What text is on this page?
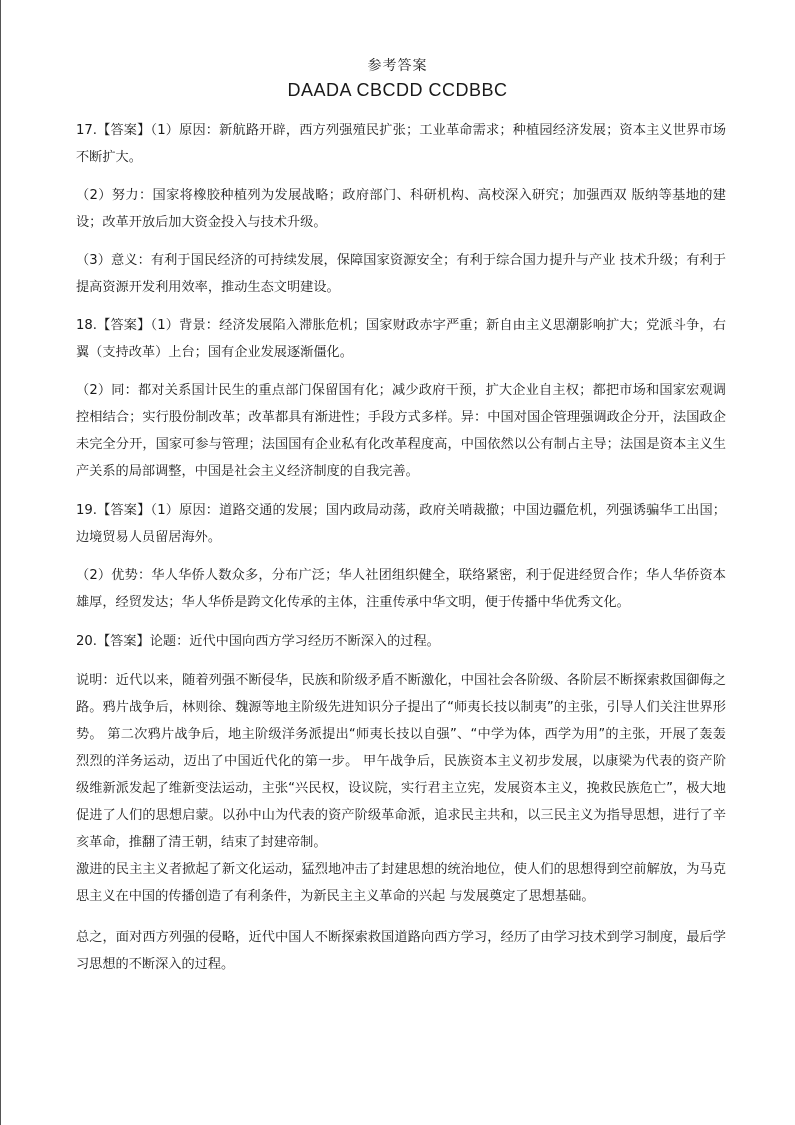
参考答案
DAADA CBCDD CCDBBC
17.【答案】（1）原因：新航路开辟，西方列强殖民扩张；工业革命需求；种植园经济发展；资本主义世界市场不断扩大。
（2）努力：国家将橡胶种植列为发展战略；政府部门、科研机构、高校深入研究；加强西双 版纳等基地的建设；改革开放后加大资金投入与技术升级。
（3）意义：有利于国民经济的可持续发展，保障国家资源安全；有利于综合国力提升与产业 技术升级；有利于提高资源开发利用效率，推动生态文明建设。
18.【答案】（1）背景：经济发展陷入滞胀危机；国家财政赤字严重；新自由主义思潮影响扩大；党派斗争，右翼（支持改革）上台；国有企业发展逐渐僵化。
（2）同：都对关系国计民生的重点部门保留国有化；减少政府干预，扩大企业自主权；都把市场和国家宏观调控相结合；实行股份制改革；改革都具有渐进性；手段方式多样。异：中国对国企管理强调政企分开，法国政企未完全分开，国家可参与管理；法国国有企业私有化改革程度高，中国依然以公有制占主导；法国是资本主义生产关系的局部调整，中国是社会主义经济制度的自我完善。
19.【答案】（1）原因：道路交通的发展；国内政局动荡，政府关哨裁撤；中国边疆危机，列强诱骗华工出国；边境贸易人员留居海外。
（2）优势：华人华侨人数众多，分布广泛；华人社团组织健全，联络紧密，利于促进经贸合作；华人华侨资本雄厚，经贸发达；华人华侨是跨文化传承的主体，注重传承中华文明，便于传播中华优秀文化。
20.【答案】论题：近代中国向西方学习经历不断深入的过程。
说明：近代以来，随着列强不断侵华，民族和阶级矛盾不断激化，中国社会各阶级、各阶层不断探索救国御侮之路。鸦片战争后，林则徐、魏源等地主阶级先进知识分子提出了“师夷长技以制夷”的主张，引导人们关注世界形势。 第二次鸦片战争后，地主阶级洋务派提出“师夷长技以自强”、“中学为体，西学为用”的主张，开展了轰轰烈烈的洋务运动，迈出了中国近代化的第一步。 甲午战争后，民族资本主义初步发展，以康梁为代表的资产阶级维新派发起了维新变法运动，主张“兴民权，设议院，实行君主立宪，发展资本主义，挽救民族危亡”，极大地促进了人们的思想启蒙。以孙中山为代表的资产阶级革命派，追求民主共和，以三民主义为指导思想，进行了辛亥革命，推翻了清王朝，结束了封建帝制。
激进的民主主义者掀起了新文化运动，猛烈地冲击了封建思想的统治地位，使人们的思想得到空前解放，为马克思主义在中国的传播创造了有利条件，为新民主主义革命的兴起 与发展奠定了思想基础。
总之，面对西方列强的侵略，近代中国人不断探索救国道路向西方学习，经历了由学习技术到学习制度，最后学习思想的不断深入的过程。
